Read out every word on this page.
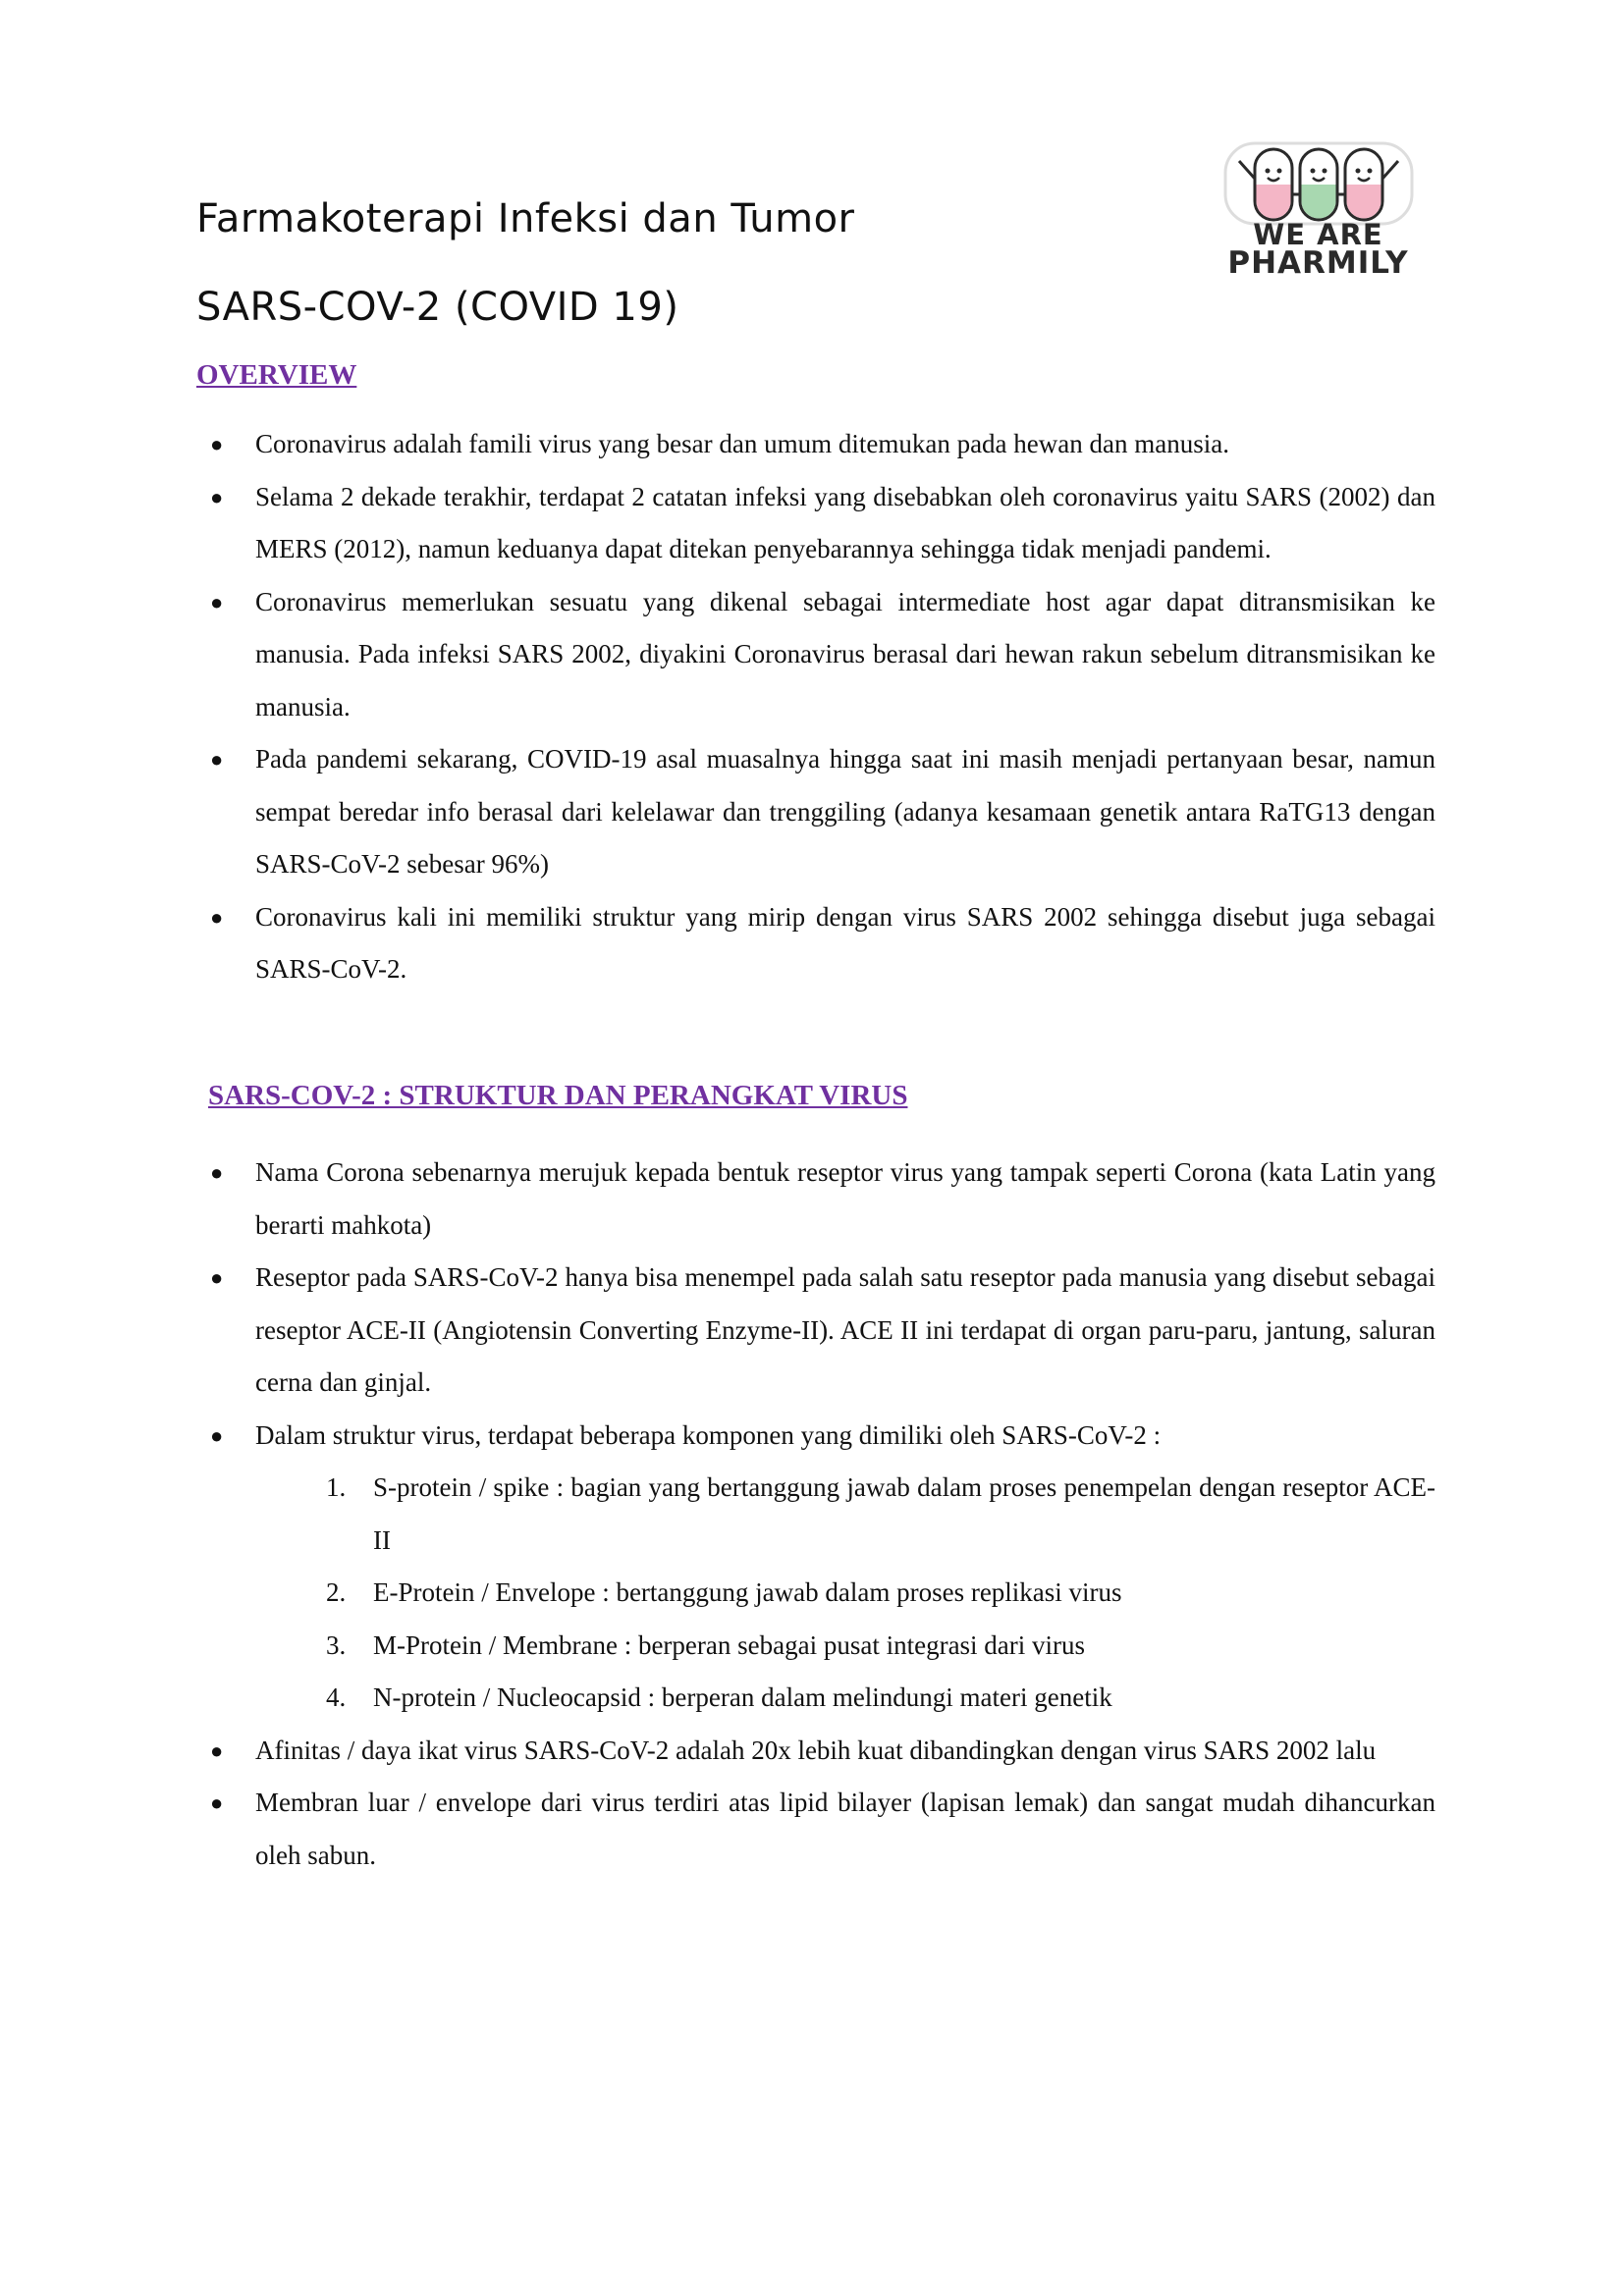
Farmakoterapi Infeksi dan Tumor
SARS-COV-2 (COVID 19)
WE ARE
PHARMILY
OVERVIEW
● Coronavirus adalah famili virus yang besar dan umum ditemukan pada hewan dan manusia.
● Selama 2 dekade terakhir, terdapat 2 catatan infeksi yang disebabkan oleh coronavirus yaitu SARS (2002) dan MERS (2012), namun keduanya dapat ditekan penyebarannya sehingga tidak menjadi pandemi.
● Coronavirus memerlukan sesuatu yang dikenal sebagai intermediate host agar dapat ditransmisikan ke manusia. Pada infeksi SARS 2002, diyakini Coronavirus berasal dari hewan rakun sebelum ditransmisikan ke manusia.
● Pada pandemi sekarang, COVID-19 asal muasalnya hingga saat ini masih menjadi pertanyaan besar, namun sempat beredar info berasal dari kelelawar dan trenggiling (adanya kesamaan genetik antara RaTG13 dengan SARS-CoV-2 sebesar 96%)
● Coronavirus kali ini memiliki struktur yang mirip dengan virus SARS 2002 sehingga disebut juga sebagai SARS-CoV-2.
SARS-COV-2 : STRUKTUR DAN PERANGKAT VIRUS
● Nama Corona sebenarnya merujuk kepada bentuk reseptor virus yang tampak seperti Corona (kata Latin yang berarti mahkota)
● Reseptor pada SARS-CoV-2 hanya bisa menempel pada salah satu reseptor pada manusia yang disebut sebagai reseptor ACE-II (Angiotensin Converting Enzyme-II). ACE II ini terdapat di organ paru-paru, jantung, saluran cerna dan ginjal.
● Dalam struktur virus, terdapat beberapa komponen yang dimiliki oleh SARS-CoV-2 :
1. S-protein / spike : bagian yang bertanggung jawab dalam proses penempelan dengan reseptor ACE-II
2. E-Protein / Envelope : bertanggung jawab dalam proses replikasi virus
3. M-Protein / Membrane : berperan sebagai pusat integrasi dari virus
4. N-protein / Nucleocapsid : berperan dalam melindungi materi genetik
● Afinitas / daya ikat virus SARS-CoV-2 adalah 20x lebih kuat dibandingkan dengan virus SARS 2002 lalu
● Membran luar / envelope dari virus terdiri atas lipid bilayer (lapisan lemak) dan sangat mudah dihancurkan oleh sabun.
